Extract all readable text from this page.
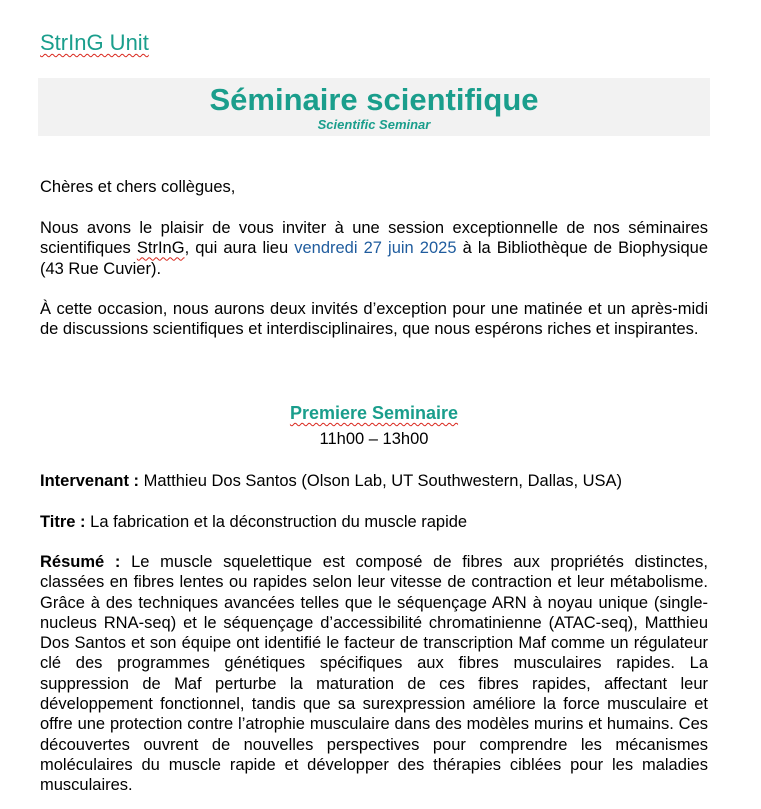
StrInG Unit
Séminaire scientifique
Scientific Seminar
Chères et chers collègues,
Nous avons le plaisir de vous inviter à une session exceptionnelle de nos séminaires scientifiques StrInG, qui aura lieu vendredi 27 juin 2025 à la Bibliothèque de Biophysique (43 Rue Cuvier).
À cette occasion, nous aurons deux invités d’exception pour une matinée et un après-midi de discussions scientifiques et interdisciplinaires, que nous espérons riches et inspirantes.
Premiere Seminaire
11h00 – 13h00
Intervenant : Matthieu Dos Santos (Olson Lab, UT Southwestern, Dallas, USA)
Titre : La fabrication et la déconstruction du muscle rapide
Résumé : Le muscle squelettique est composé de fibres aux propriétés distinctes, classées en fibres lentes ou rapides selon leur vitesse de contraction et leur métabolisme. Grâce à des techniques avancées telles que le séquençage ARN à noyau unique (single-nucleus RNA-seq) et le séquençage d’accessibilité chromatinienne (ATAC-seq), Matthieu Dos Santos et son équipe ont identifié le facteur de transcription Maf comme un régulateur clé des programmes génétiques spécifiques aux fibres musculaires rapides. La suppression de Maf perturbe la maturation de ces fibres rapides, affectant leur développement fonctionnel, tandis que sa surexpression améliore la force musculaire et offre une protection contre l’atrophie musculaire dans des modèles murins et humains. Ces découvertes ouvrent de nouvelles perspectives pour comprendre les mécanismes moléculaires du muscle rapide et développer des thérapies ciblées pour les maladies musculaires.
